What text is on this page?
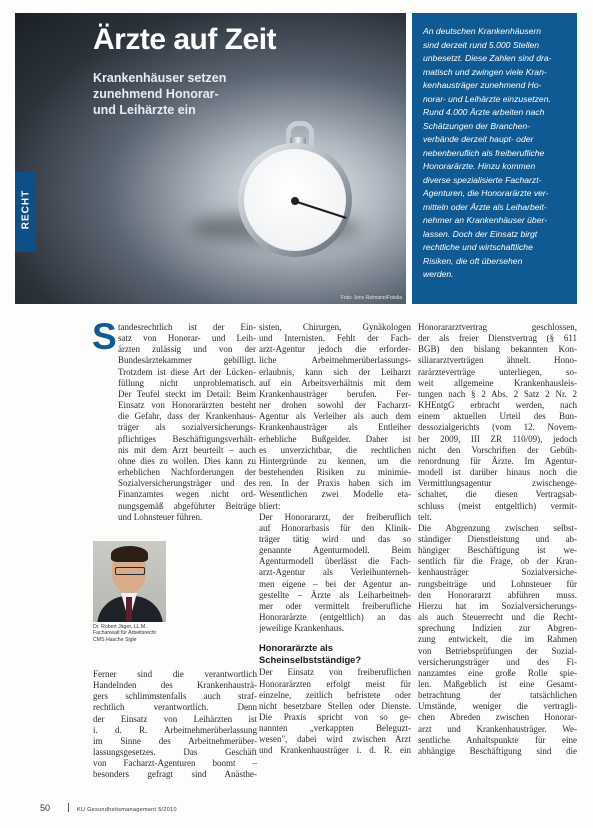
Ärzte auf Zeit
Krankenhäuser setzen
zunehmend Honorar-
und Leihärzte ein
Foto: Jens Reimann/Fotolia
RECHT

An deutschen Krankenhäusern
sind derzeit rund 5.000 Stellen
unbesetzt. Diese Zahlen sind dra-
matisch und zwingen viele Kran-
kenhausträger zunehmend Ho-
norar- und Leihärzte einzusetzen.
Rund 4.000 Ärzte arbeiten nach
Schätzungen der Branchen-
verbände derzeit haupt- oder
nebenberuflich als freiberufliche
Honorarärzte. Hinzu kommen
diverse spezialisierte Facharzt-
Agenturen, die Honorarärzte ver-
mitteln oder Ärzte als Leiharbeit-
nehmer an Krankenhäuser über-
lassen. Doch der Einsatz birgt
rechtliche und wirtschaftliche
Risiken, die oft übersehen
werden.

S tandesrechtlich ist der Ein-
satz von Honorar- und Leih-
ärzten zulässig und von der
Bundesärztekammer gebilligt.
Trotzdem ist diese Art der Lücken-
füllung nicht unproblematisch.
Der Teufel steckt im Detail: Beim
Einsatz von Honorarärzten besteht
die Gefahr, dass der Krankenhaus-
träger als sozialversicherungs-
pflichtiges Beschäftigungsverhält-
nis mit dem Arzt beurteilt – auch
ohne dies zu wollen. Dies kann zu
erheblichen Nachforderungen der
Sozialversicherungsträger und des
Finanzamtes wegen nicht ord-
nungsgemäß abgeführter Beiträge
und Lohnsteuer führen.
Ferner sind die verantwortlich
Handelnden des Krankenhausträ-
gers schlimmstenfalls auch straf-
rechtlich verantwortlich. Denn
der Einsatz von Leihärzten ist
i. d. R. Arbeitnehmerüberlassung
im Sinne des Arbeitnehmerüber-
lassungsgesetzes. Das Geschäft
von Facharzt-Agenturen boomt –
besonders gefragt sind Anästhe-
Dr. Robert Jäger, LL.M.
Fachanwalt für Arbeitsrecht
CMS Hasche Sigle
sisten, Chirurgen, Gynäkologen
und Internisten. Fehlt der Fach-
arzt-Agentur jedoch die erforder-
liche Arbeitnehmerüberlassungs-
erlaubnis, kann sich der Leiharzt
auf ein Arbeitsverhältnis mit dem
Krankenhausträger berufen. Fer-
ner drohen sowohl der Facharzt-
Agentur als Verleiher als auch dem
Krankenhausträger als Entleiher
erhebliche Bußgelder. Daher ist
es unverzichtbar, die rechtlichen
Hintergründe zu kennen, um die
bestehenden Risiken zu minimie-
ren. In der Praxis haben sich im
Wesentlichen zwei Modelle eta-
bliert:
Der Honorararzt, der freiberuflich
auf Honorarbasis für den Klinik-
träger tätig wird und das so
genannte Agenturmodell. Beim
Agenturmodell überlässt die Fach-
arzt-Agentur als Verleihunterneh-
men eigene – bei der Agentur an-
gestellte – Ärzte als Leiharbeitneh-
mer oder vermittelt freiberufliche
Honorarärzte (entgeltlich) an das
jeweilige Krankenhaus.
Honorarärzte als
Scheinselbstständige?
Der Einsatz von freiberuflichen
Honorarärzten erfolgt meist für
einzelne, zeitlich befristete oder
nicht besetzbare Stellen oder Dienste.
Die Praxis spricht von so ge-
nannten „verkappten Beleguzt-
wesen", dabei wird zwischen Arzt
und Krankenhausträger i. d. R. ein
Honorararztvertrag geschlossen,
der als freier Dienstvertrag (§ 611
BGB) den bislang bekannten Kon-
siliararztverträgen ähnelt. Hono-
rarärzteverträge unterliegen, so-
weit allgemeine Krankenhausleis-
tungen nach § 2 Abs. 2 Satz 2 Nr. 2
KHEntgG erbracht werden, nach
einem aktuellen Urteil des Bun-
dessozialgerichts (vom 12. Novem-
ber 2009, III ZR 110/09), jedoch
nicht den Vorschriften der Gebüh-
renordnung für Ärzte. Im Agentur-
modell ist darüber hinaus noch die
Vermittlungsagentur zwischenge-
schaltet, die diesen Vertragsab-
schluss (meist entgeltlich) vermit-
telt.
Die Abgrenzung zwischen selbst-
ständiger Dienstleistung und ab-
hängiger Beschäftigung ist we-
sentlich für die Frage, ob der Kran-
kenhausträger Sozialversiche-
rungsbeiträge und Lohnsteuer für
den Honorararzt abführen muss.
Hierzu hat im Sozialversicherungs-
als auch Steuerrecht und die Recht-
sprechung Indizien zur Abgren-
zung entwickelt, die im Rahmen
von Betriebsprüfungen der Sozial-
versicherungsträger und des Fi-
nanzamtes eine große Rolle spie-
len. Maßgeblich ist eine Gesamt-
betrachtung der tatsächlichen
Umstände, weniger die vertragli-
chen Abreden zwischen Honorar-
arzt und Krankenhausträger. We-
sentliche Anhaltspunkte für eine
abhängige Beschäftigung sind die
50	KU Gesundheitsmanagement 5/2010
